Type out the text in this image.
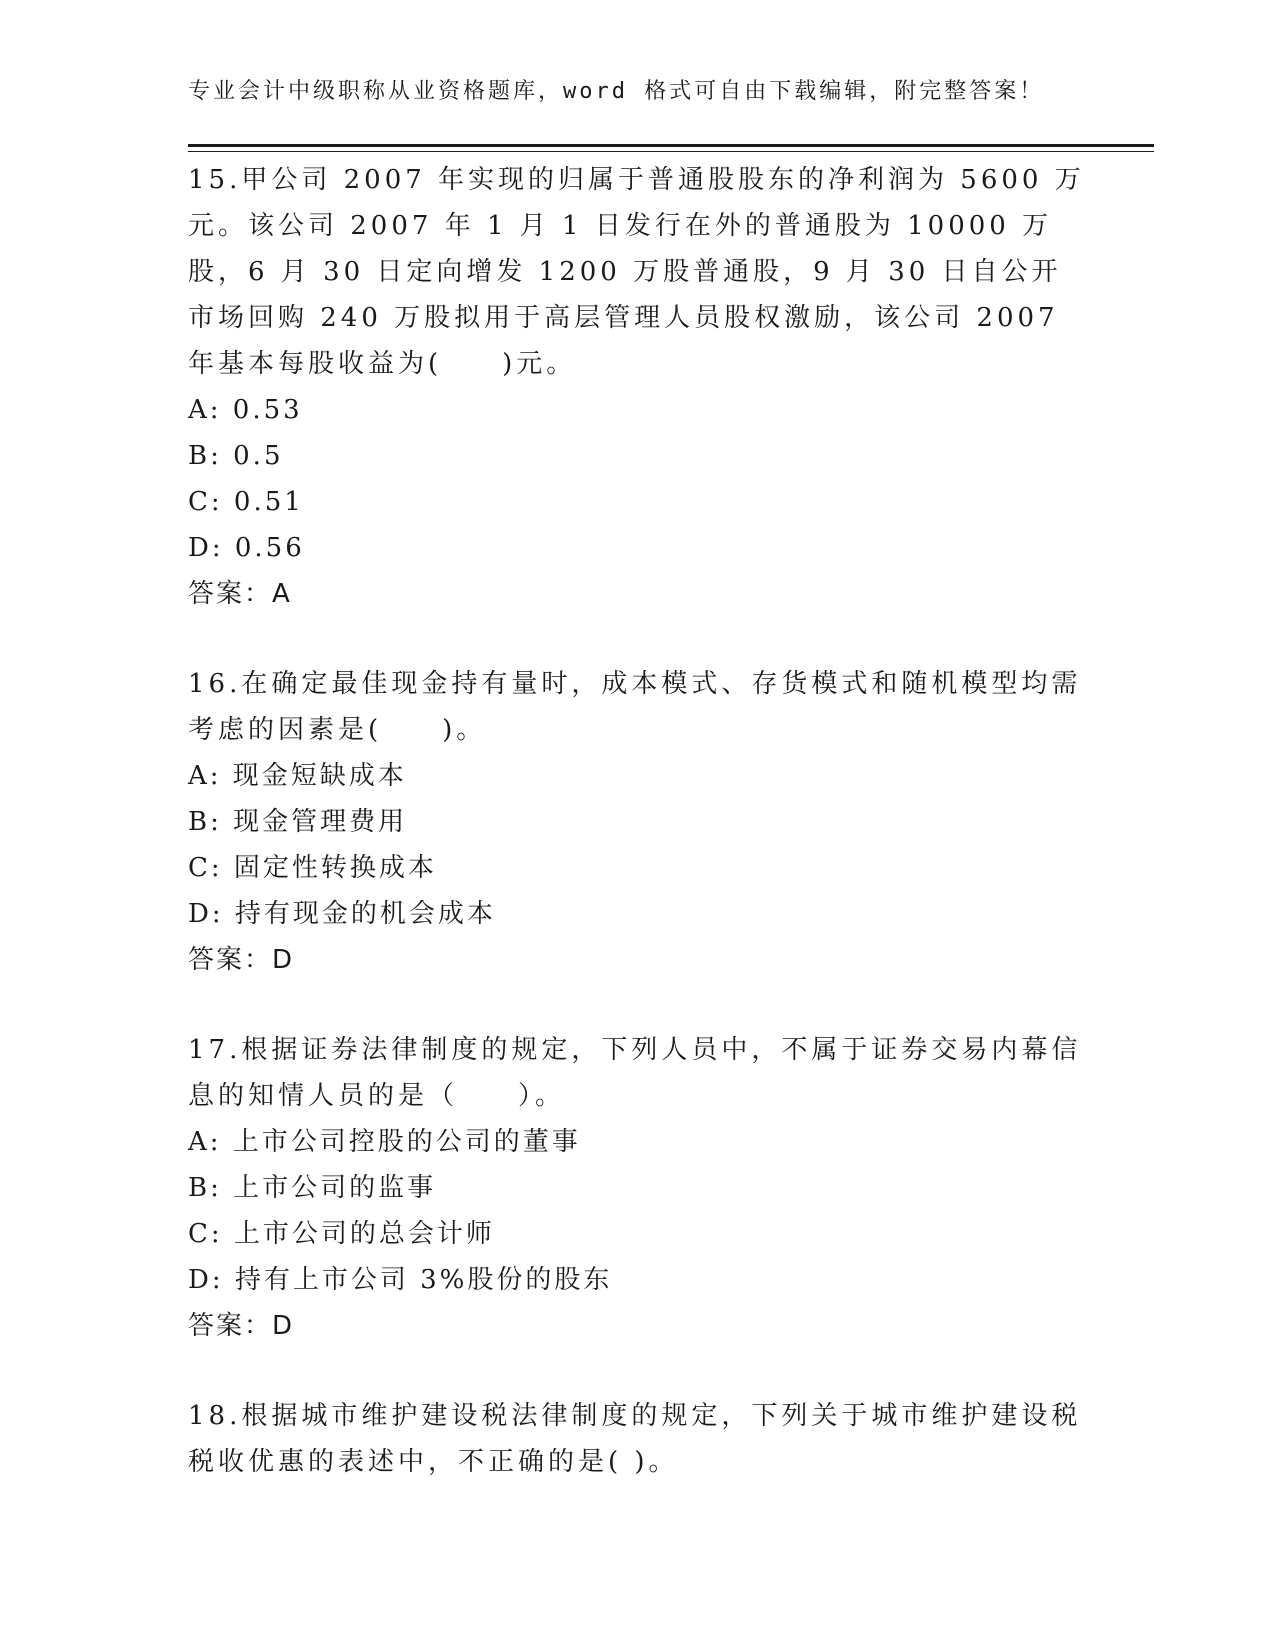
专业会计中级职称从业资格题库，word 格式可自由下载编辑，附完整答案！

15.甲公司 2007 年实现的归属于普通股股东的净利润为 5600 万元。该公司 2007 年 1 月 1 日发行在外的普通股为 10000 万股，6 月 30 日定向增发 1200 万股普通股，9 月 30 日自公开市场回购 240 万股拟用于高层管理人员股权激励，该公司 2007 年基本每股收益为(　　)元。

A: 0.53

B: 0.5

C: 0.51

D: 0.56

答案：A

16.在确定最佳现金持有量时，成本模式、存货模式和随机模型均需考虑的因素是(　　)。

A: 现金短缺成本

B: 现金管理费用

C: 固定性转换成本

D: 持有现金的机会成本

答案：D

17.根据证券法律制度的规定，下列人员中，不属于证券交易内幕信息的知情人员的是（　　）。

A: 上市公司控股的公司的董事

B: 上市公司的监事

C: 上市公司的总会计师

D: 持有上市公司 3%股份的股东

答案：D

18.根据城市维护建设税法律制度的规定，下列关于城市维护建设税税收优惠的表述中，不正确的是( )。
